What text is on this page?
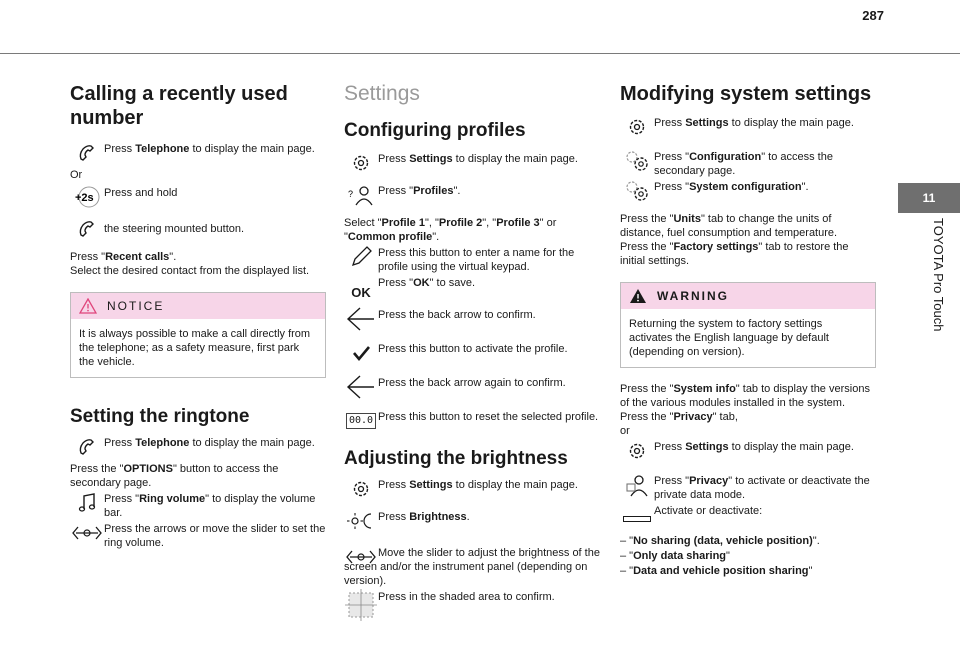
287
11
TOYOTA Pro Touch
Calling a recently used number
Press Telephone to display the main page.
Or
+2s Press and hold
the steering mounted button.
Press "Recent calls".
Select the desired contact from the displayed list.
NOTICE
It is always possible to make a call directly from the telephone; as a safety measure, first park the vehicle.
Setting the ringtone
Press Telephone to display the main page.
Press the "OPTIONS" button to access the secondary page.
Press "Ring volume" to display the volume bar.
Press the arrows or move the slider to set the ring volume.
Settings
Configuring profiles
Press Settings to display the main page.
? Press "Profiles".
Select "Profile 1", "Profile 2", "Profile 3" or "Common profile".
Press this button to enter a name for the profile using the virtual keypad.
OK
Press "OK" to save.
Press the back arrow to confirm.
Press this button to activate the profile.
Press the back arrow again to confirm.
00.0 Press this button to reset the selected profile.
Adjusting the brightness
Press Settings to display the main page.
Press Brightness.
Move the slider to adjust the brightness of the screen and/or the instrument panel (depending on version).
Press in the shaded area to confirm.
Modifying system settings
Press Settings to display the main page.
Press "Configuration" to access the secondary page.
Press "System configuration".
Press the "Units" tab to change the units of distance, fuel consumption and temperature.
Press the "Factory settings" tab to restore the initial settings.
WARNING
Returning the system to factory settings activates the English language by default (depending on version).
Press the "System info" tab to display the versions of the various modules installed in the system.
Press the "Privacy" tab,
or
Press Settings to display the main page.
Press "Privacy" to activate or deactivate the private data mode.
Activate or deactivate:
– "No sharing (data, vehicle position)".
– "Only data sharing"
– "Data and vehicle position sharing"
